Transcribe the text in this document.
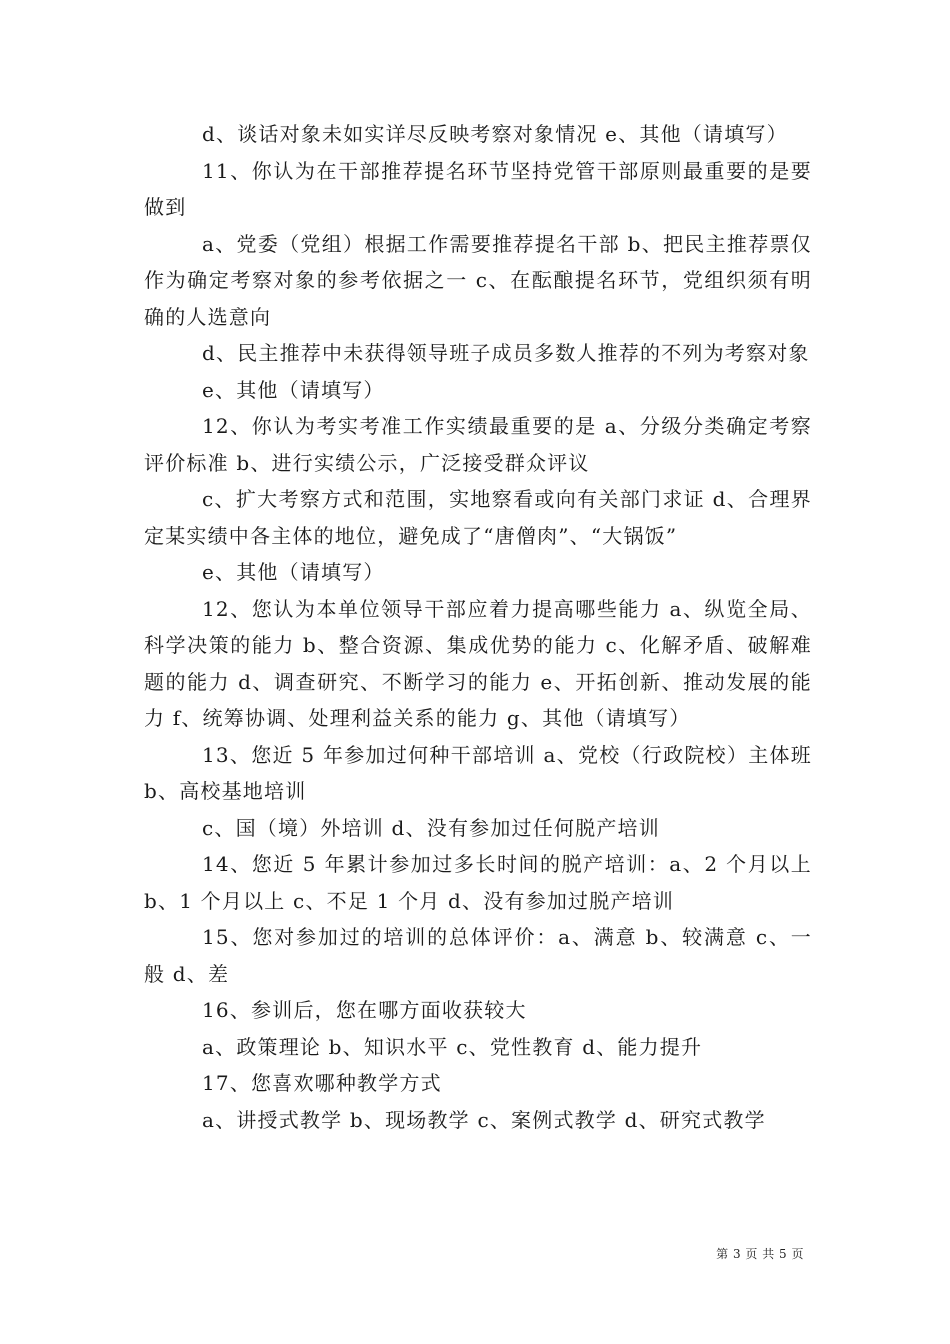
d、谈话对象未如实详尽反映考察对象情况 e、其他（请填写）

11、你认为在干部推荐提名环节坚持党管干部原则最重要的是要做到

a、党委（党组）根据工作需要推荐提名干部 b、把民主推荐票仅作为确定考察对象的参考依据之一 c、在酝酿提名环节，党组织须有明确的人选意向

d、民主推荐中未获得领导班子成员多数人推荐的不列为考察对象

e、其他（请填写）

12、你认为考实考准工作实绩最重要的是 a、分级分类确定考察评价标准 b、进行实绩公示，广泛接受群众评议

c、扩大考察方式和范围，实地察看或向有关部门求证 d、合理界定某实绩中各主体的地位，避免成了“唐僧肉”、“大锅饭”

e、其他（请填写）

12、您认为本单位领导干部应着力提高哪些能力 a、纵览全局、科学决策的能力 b、整合资源、集成优势的能力 c、化解矛盾、破解难题的能力 d、调查研究、不断学习的能力 e、开拓创新、推动发展的能力 f、统筹协调、处理利益关系的能力 g、其他（请填写）

13、您近 5 年参加过何种干部培训 a、党校（行政院校）主体班 b、高校基地培训

c、国（境）外培训 d、没有参加过任何脱产培训

14、您近 5 年累计参加过多长时间的脱产培训：a、2 个月以上 b、1 个月以上 c、不足 1 个月 d、没有参加过脱产培训

15、您对参加过的培训的总体评价：a、满意 b、较满意 c、一般 d、差

16、参训后，您在哪方面收获较大

a、政策理论 b、知识水平 c、党性教育 d、能力提升

17、您喜欢哪种教学方式

a、讲授式教学 b、现场教学 c、案例式教学 d、研究式教学

第 3 页 共 5 页
